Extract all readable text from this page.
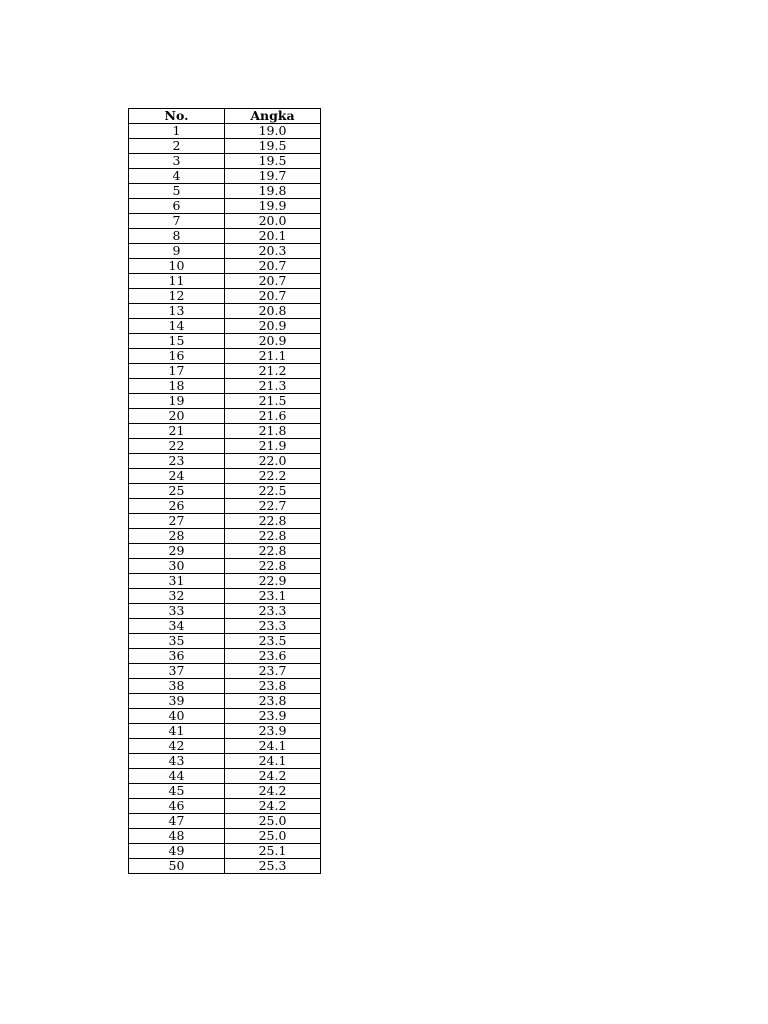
No.	Angka
1	19.0
2	19.5
3	19.5
4	19.7
5	19.8
6	19.9
7	20.0
8	20.1
9	20.3
10	20.7
11	20.7
12	20.7
13	20.8
14	20.9
15	20.9
16	21.1
17	21.2
18	21.3
19	21.5
20	21.6
21	21.8
22	21.9
23	22.0
24	22.2
25	22.5
26	22.7
27	22.8
28	22.8
29	22.8
30	22.8
31	22.9
32	23.1
33	23.3
34	23.3
35	23.5
36	23.6
37	23.7
38	23.8
39	23.8
40	23.9
41	23.9
42	24.1
43	24.1
44	24.2
45	24.2
46	24.2
47	25.0
48	25.0
49	25.1
50	25.3
